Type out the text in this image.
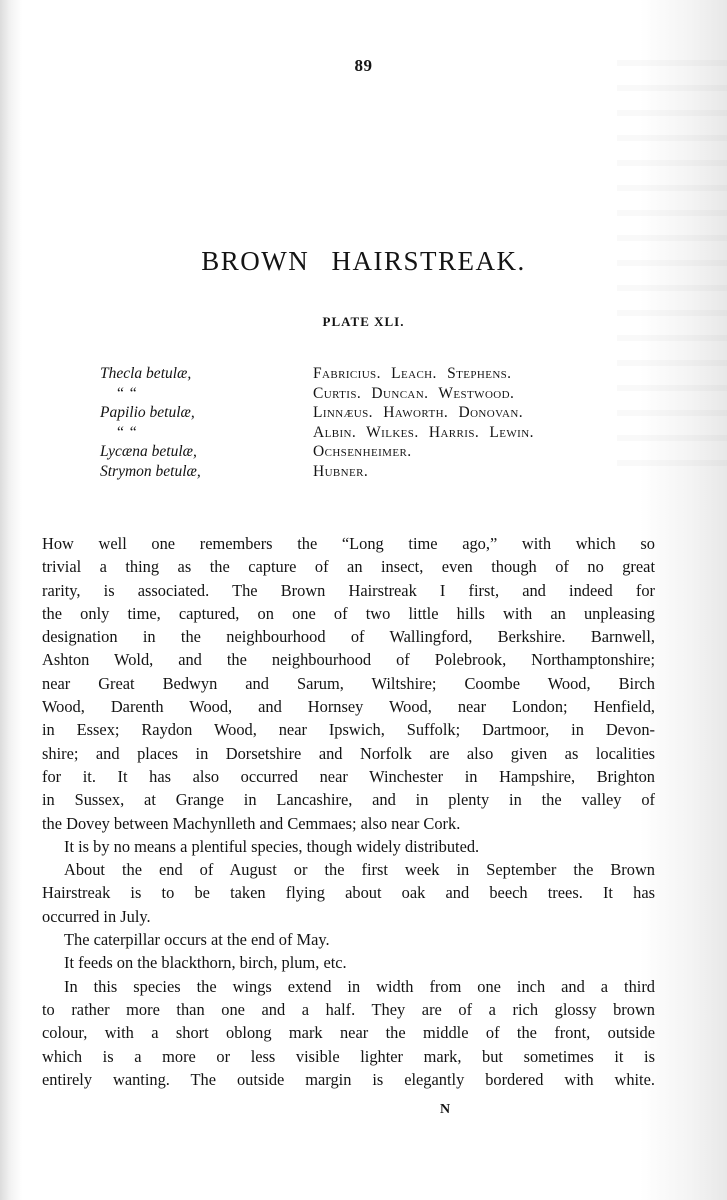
89
BROWN HAIRSTREAK.
PLATE XLI.
Thecla betulæ,	Fabricius. Leach. Stephens.
“ “	Curtis. Duncan. Westwood.
Papilio betulæ,	Linnæus. Haworth. Donovan.
“ “	Albin. Wilkes. Harris. Lewin.
Lycæna betulæ,	Ochsenheimer.
Strymon betulæ,	Hubner.
How well one remembers the “Long time ago,” with which so
trivial a thing as the capture of an insect, even though of no great
rarity, is associated. The Brown Hairstreak I first, and indeed for
the only time, captured, on one of two little hills with an unpleasing
designation in the neighbourhood of Wallingford, Berkshire. Barnwell,
Ashton Wold, and the neighbourhood of Polebrook, Northamptonshire;
near Great Bedwyn and Sarum, Wiltshire; Coombe Wood, Birch
Wood, Darenth Wood, and Hornsey Wood, near London; Henfield,
in Essex; Raydon Wood, near Ipswich, Suffolk; Dartmoor, in Devon-
shire; and places in Dorsetshire and Norfolk are also given as localities
for it. It has also occurred near Winchester in Hampshire, Brighton
in Sussex, at Grange in Lancashire, and in plenty in the valley of
the Dovey between Machynlleth and Cemmaes; also near Cork.
It is by no means a plentiful species, though widely distributed.
About the end of August or the first week in September the Brown
Hairstreak is to be taken flying about oak and beech trees. It has
occurred in July.
The caterpillar occurs at the end of May.
It feeds on the blackthorn, birch, plum, etc.
In this species the wings extend in width from one inch and a third
to rather more than one and a half. They are of a rich glossy brown
colour, with a short oblong mark near the middle of the front, outside
which is a more or less visible lighter mark, but sometimes it is
entirely wanting. The outside margin is elegantly bordered with white.
N
